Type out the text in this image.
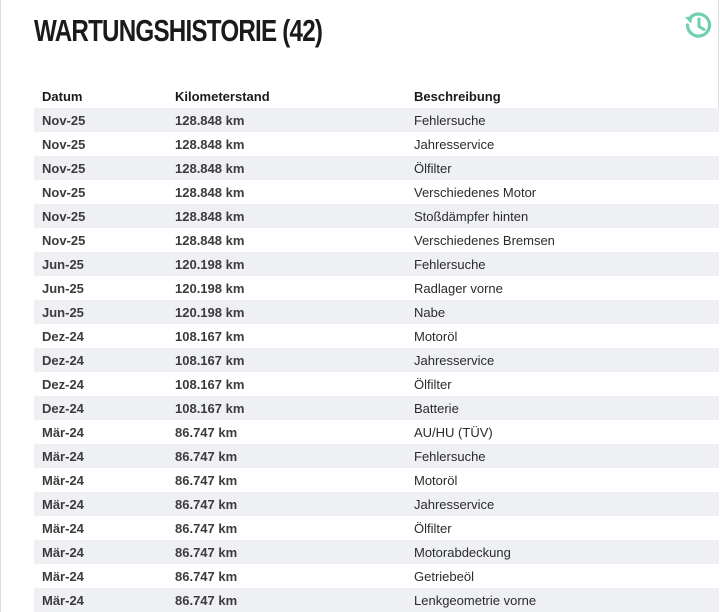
WARTUNGSHISTORIE (42)
Datum	Kilometerstand	Beschreibung
Nov-25	128.848 km	Fehlersuche
Nov-25	128.848 km	Jahresservice
Nov-25	128.848 km	Ölfilter
Nov-25	128.848 km	Verschiedenes Motor
Nov-25	128.848 km	Stoßdämpfer hinten
Nov-25	128.848 km	Verschiedenes Bremsen
Jun-25	120.198 km	Fehlersuche
Jun-25	120.198 km	Radlager vorne
Jun-25	120.198 km	Nabe
Dez-24	108.167 km	Motoröl
Dez-24	108.167 km	Jahresservice
Dez-24	108.167 km	Ölfilter
Dez-24	108.167 km	Batterie
Mär-24	86.747 km	AU/HU (TÜV)
Mär-24	86.747 km	Fehlersuche
Mär-24	86.747 km	Motoröl
Mär-24	86.747 km	Jahresservice
Mär-24	86.747 km	Ölfilter
Mär-24	86.747 km	Motorabdeckung
Mär-24	86.747 km	Getriebeöl
Mär-24	86.747 km	Lenkgeometrie vorne
